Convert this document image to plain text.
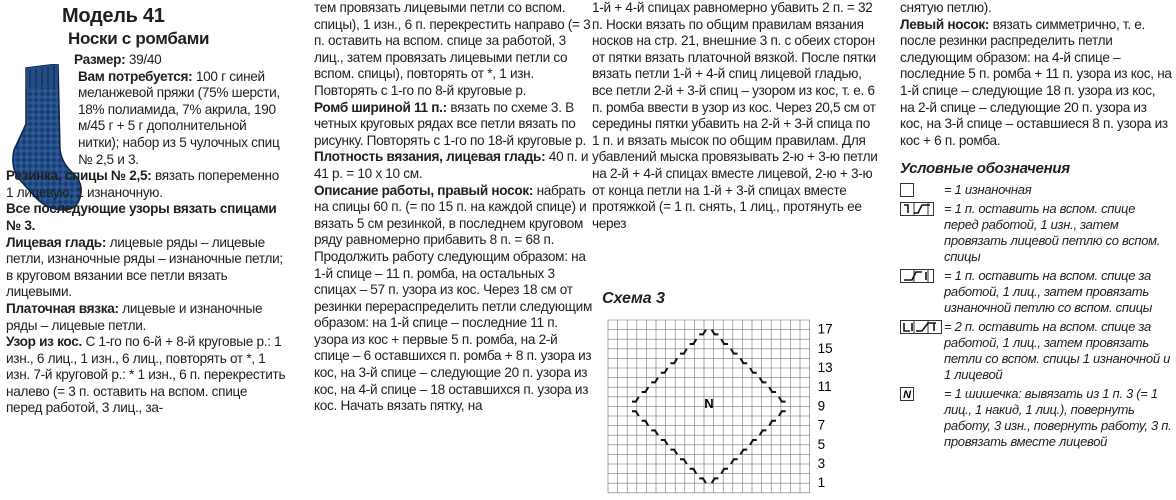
Модель 41
Носки с ромбами

Размер: 39/40

Вам потребуется: 100 г синей меланжевой пряжи (75% шерсти, 18% полиамида, 7% акрила, 190 м/45 г + 5 г дополнительной нитки); набор из 5 чулочных спиц № 2,5 и 3.

Резинка, спицы № 2,5: вязать попеременно 1 лицевую, 1 изнаночную.

Все последующие узоры вязать спицами № 3.

Лицевая гладь: лицевые ряды – лицевые петли, изнаночные ряды – изнаночные петли; в круговом вязании все петли вязать лицевыми.

Платочная вязка: лицевые и изнаночные ряды – лицевые петли.

Узор из кос. С 1-го по 6-й + 8-й круговые р.: 1 изн., 6 лиц., 1 изн., 6 лиц., повторять от *, 1 изн. 7-й круговой р.: * 1 изн., 6 п. перекрестить налево (= 3 п. оставить на вспом. спице перед работой, 3 лиц., за-

тем провязать лицевыми петли со вспом. спицы), 1 изн., 6 п. перекрестить направо (= 3 п. оставить на вспом. спице за работой, 3 лиц., затем провязать лицевыми петли со вспом. спицы), повторять от *, 1 изн. Повторять с 1-го по 8-й круговые р.

Ромб шириной 11 п.: вязать по схеме 3. В четных круговых рядах все петли вязать по рисунку. Повторять с 1-го по 18-й круговые р.

Плотность вязания, лицевая гладь: 40 п. и 41 р. = 10 х 10 см.

Описание работы, правый носок: набрать на спицы 60 п. (= по 15 п. на каждой спице) и вязать 5 см резинкой, в последнем круговом ряду равномерно прибавить 8 п. = 68 п. Продолжить работу следующим образом: на 1-й спице – 11 п. ромба, на остальных 3 спицах – 57 п. узора из кос. Через 18 см от резинки перераспределить петли следующим образом: на 1-й спице – последние 11 п. узора из кос + первые 5 п. ромба, на 2-й спице – 6 оставшихся п. ромба + 8 п. узора из кос, на 3-й спице – следующие 20 п. узора из кос, на 4-й спице – 18 оставшихся п. узора из кос. Начать вязать пятку, на

1-й + 4-й спицах равномерно убавить 2 п. = 32 п. Носки вязать по общим правилам вязания носков на стр. 21, внешние 3 п. с обеих сторон от пятки вязать платочной вязкой. После пятки вязать петли 1-й + 4-й спиц лицевой гладью, все петли 2-й + 3-й спиц – узором из кос, т. е. 6 п. ромба ввести в узор из кос. Через 20,5 см от середины пятки убавить на 2-й + 3-й спица по 1 п. и вязать мысок по общим правилам. Для убавлений мыска провязывать 2-ю + 3-ю петли на 2-й + 4-й спицах вместе лицевой, 2-ю + 3-ю от конца петли на 1-й + 3-й спицах вместе протяжкой (= 1 п. снять, 1 лиц., протянуть ее через

Схема 3
N
17
15
13
11
9
7
5
3
1

снятую петлю).

Левый носок: вязать симметрично, т. е. после резинки распределить петли следующим образом: на 4-й спице – последние 5 п. ромба + 11 п. узора из кос, на 1-й спице – следующие 18 п. узора из кос, на 2-й спице – следующие 20 п. узора из кос, на 3-й спице – оставшиеся 8 п. узора из кос + 6 п. ромба.

Условные обозначения
= 1 изнаночная
= 1 п. оставить на вспом. спице перед работой, 1 изн., затем провязать лицевой петлю со вспом. спицы
= 1 п. оставить на вспом. спице за работой, 1 лиц., затем провязать изнаночной петлю со вспом. спицы
= 2 п. оставить на вспом. спице за работой, 1 лиц., затем провязать петли со вспом. спицы 1 изнаночной и 1 лицевой
N	= 1 шишечка: вывязать из 1 п. 3 (= 1 лиц., 1 накид, 1 лиц.), повернуть работу, 3 изн., повернуть работу, 3 п. провязать вместе лицевой
